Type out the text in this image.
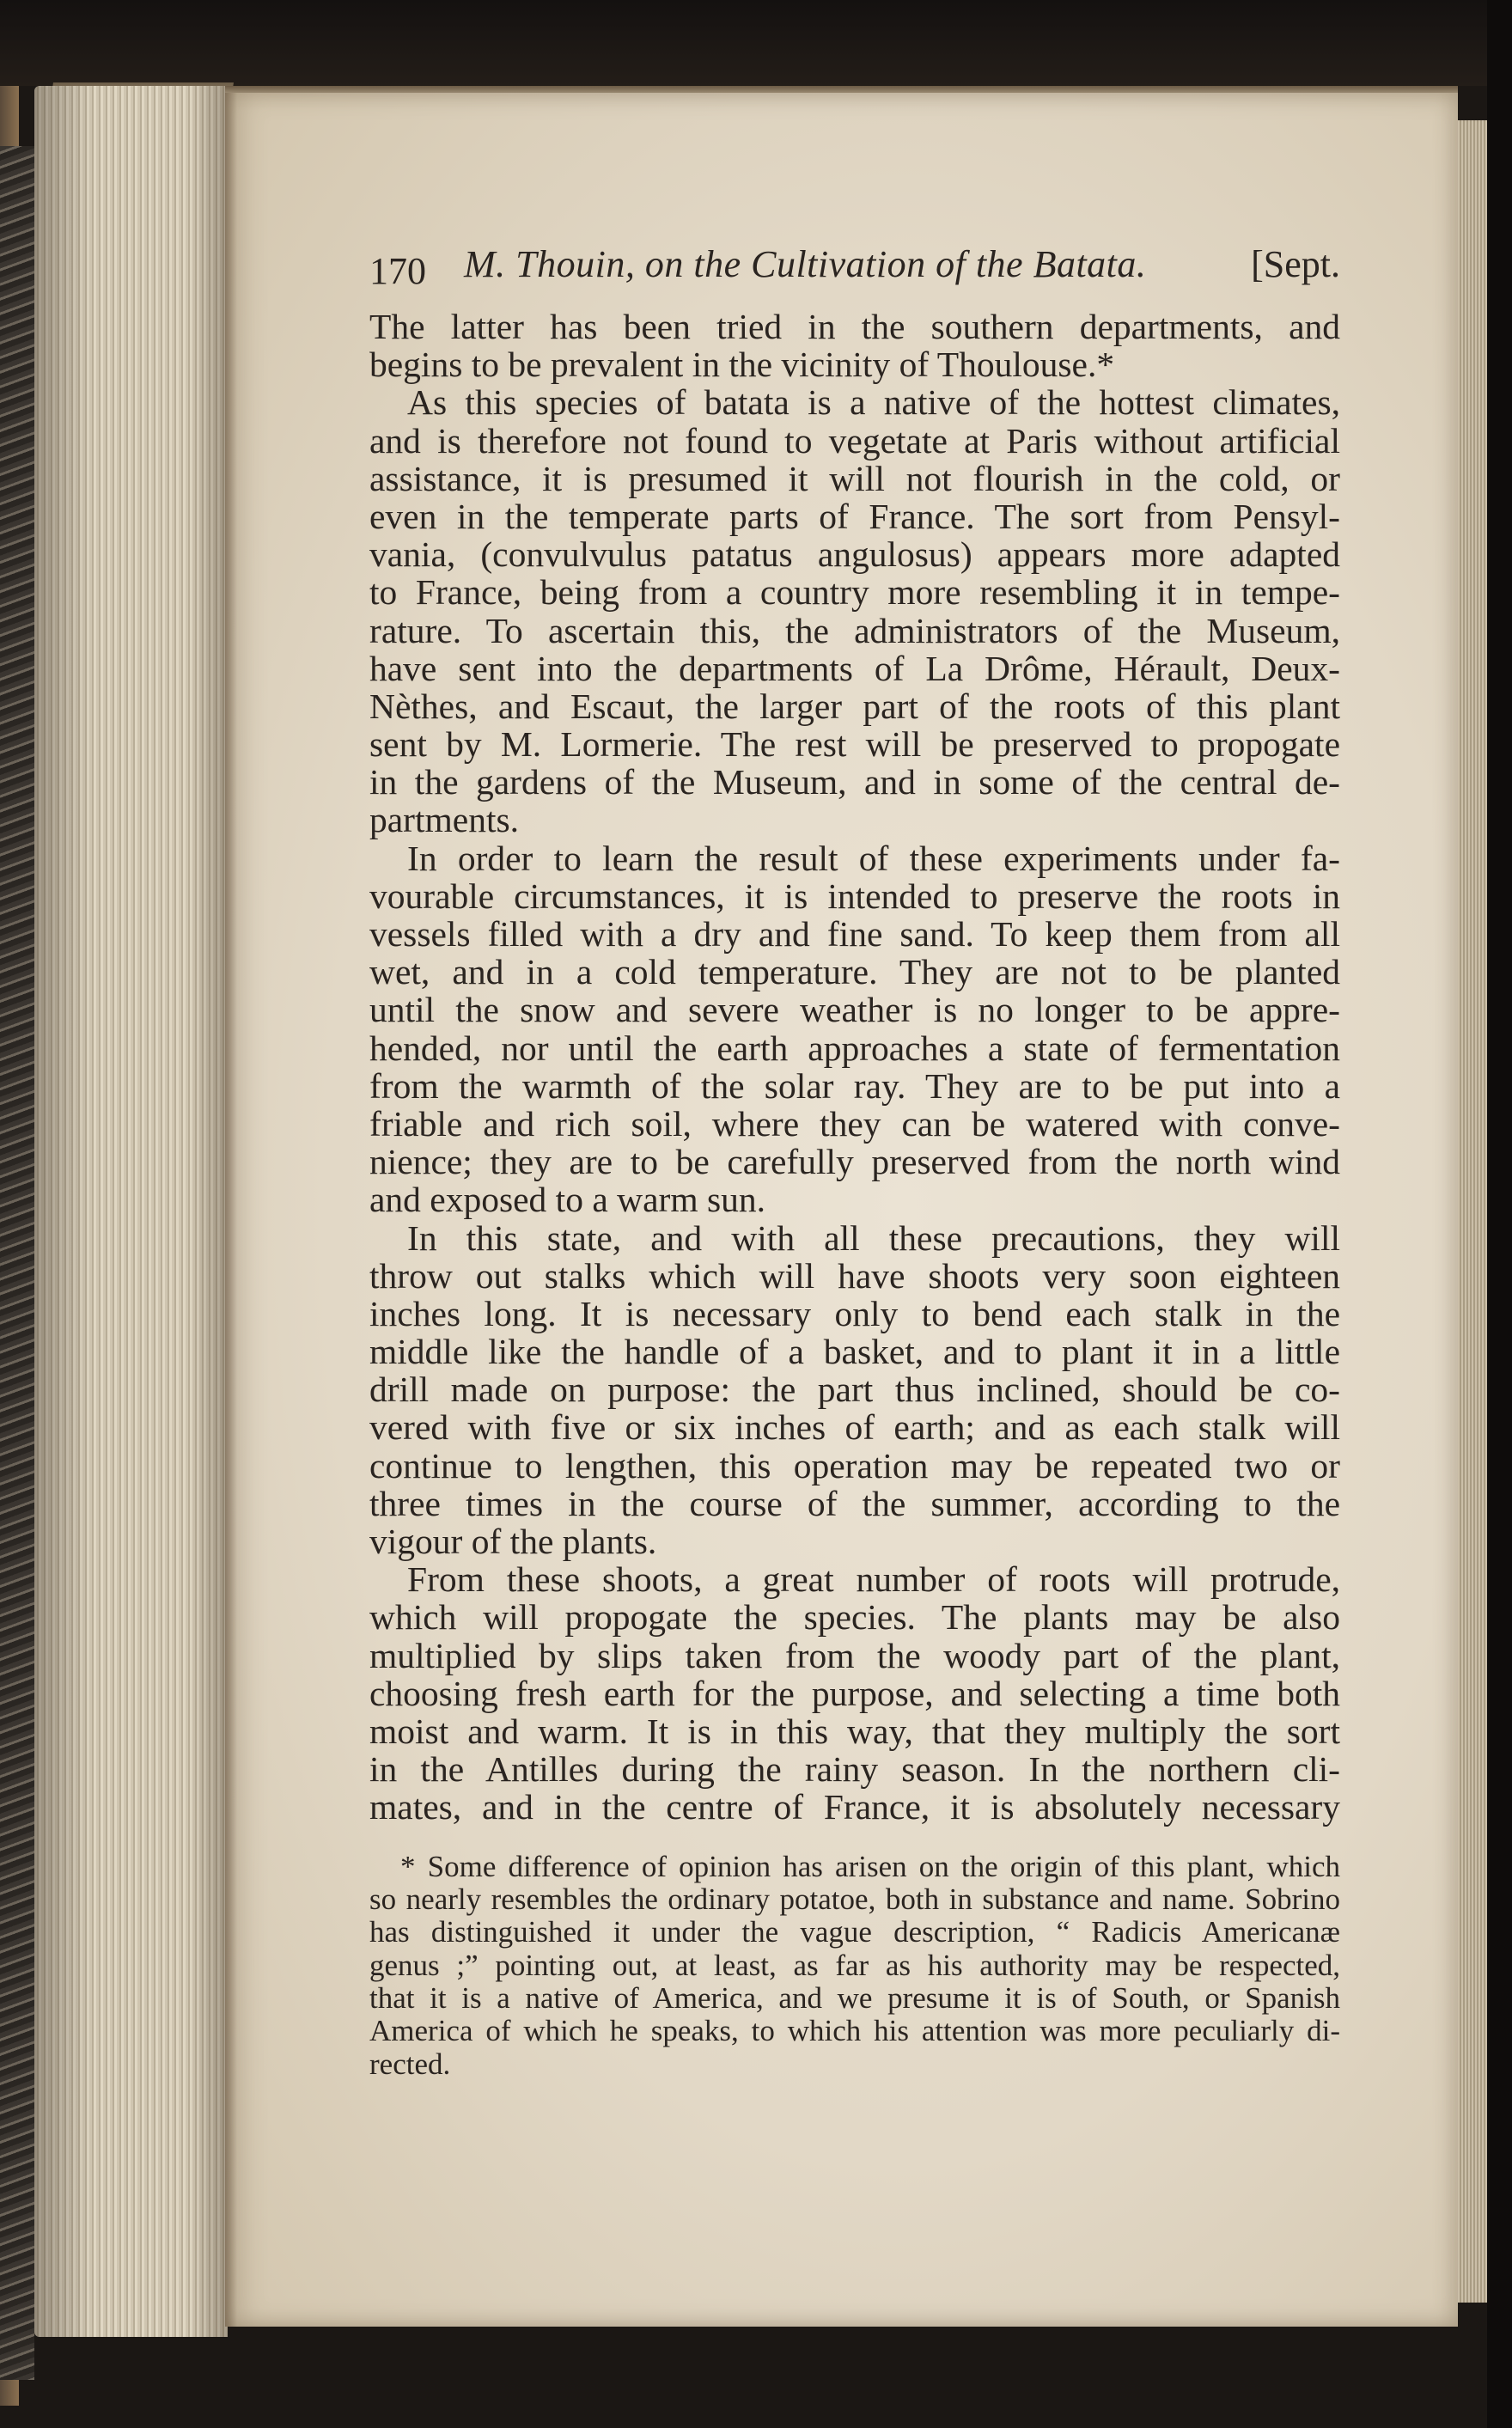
170 M. Thouin, on the Cultivation of the Batata.	[Sept.
The latter has been tried in the southern departments, and
begins to be prevalent in the vicinity of Thoulouse.*
As this species of batata is a native of the hottest climates,
and is therefore not found to vegetate at Paris without artificial
assistance, it is presumed it will not flourish in the cold, or
even in the temperate parts of France. The sort from Pensyl-
vania, (convulvulus patatus angulosus) appears more adapted
to France, being from a country more resembling it in tempe-
rature. To ascertain this, the administrators of the Museum,
have sent into the departments of La Drôme, Hérault, Deux-
Nèthes, and Escaut, the larger part of the roots of this plant
sent by M. Lormerie. The rest will be preserved to propogate
in the gardens of the Museum, and in some of the central de-
partments.
In order to learn the result of these experiments under fa-
vourable circumstances, it is intended to preserve the roots in
vessels filled with a dry and fine sand. To keep them from all
wet, and in a cold temperature. They are not to be planted
until the snow and severe weather is no longer to be appre-
hended, nor until the earth approaches a state of fermentation
from the warmth of the solar ray. They are to be put into a
friable and rich soil, where they can be watered with conve-
nience; they are to be carefully preserved from the north wind
and exposed to a warm sun.
In this state, and with all these precautions, they will
throw out stalks which will have shoots very soon eighteen
inches long. It is necessary only to bend each stalk in the
middle like the handle of a basket, and to plant it in a little
drill made on purpose: the part thus inclined, should be co-
vered with five or six inches of earth; and as each stalk will
continue to lengthen, this operation may be repeated two or
three times in the course of the summer, according to the
vigour of the plants.
From these shoots, a great number of roots will protrude,
which will propogate the species. The plants may be also
multiplied by slips taken from the woody part of the plant,
choosing fresh earth for the purpose, and selecting a time both
moist and warm. It is in this way, that they multiply the sort
in the Antilles during the rainy season. In the northern cli-
mates, and in the centre of France, it is absolutely necessary
* Some difference of opinion has arisen on the origin of this plant, which
so nearly resembles the ordinary potatoe, both in substance and name. Sobrino
has distinguished it under the vague description, “ Radicis Americanæ
genus ;” pointing out, at least, as far as his authority may be respected,
that it is a native of America, and we presume it is of South, or Spanish
America of which he speaks, to which his attention was more peculiarly di-
rected.
